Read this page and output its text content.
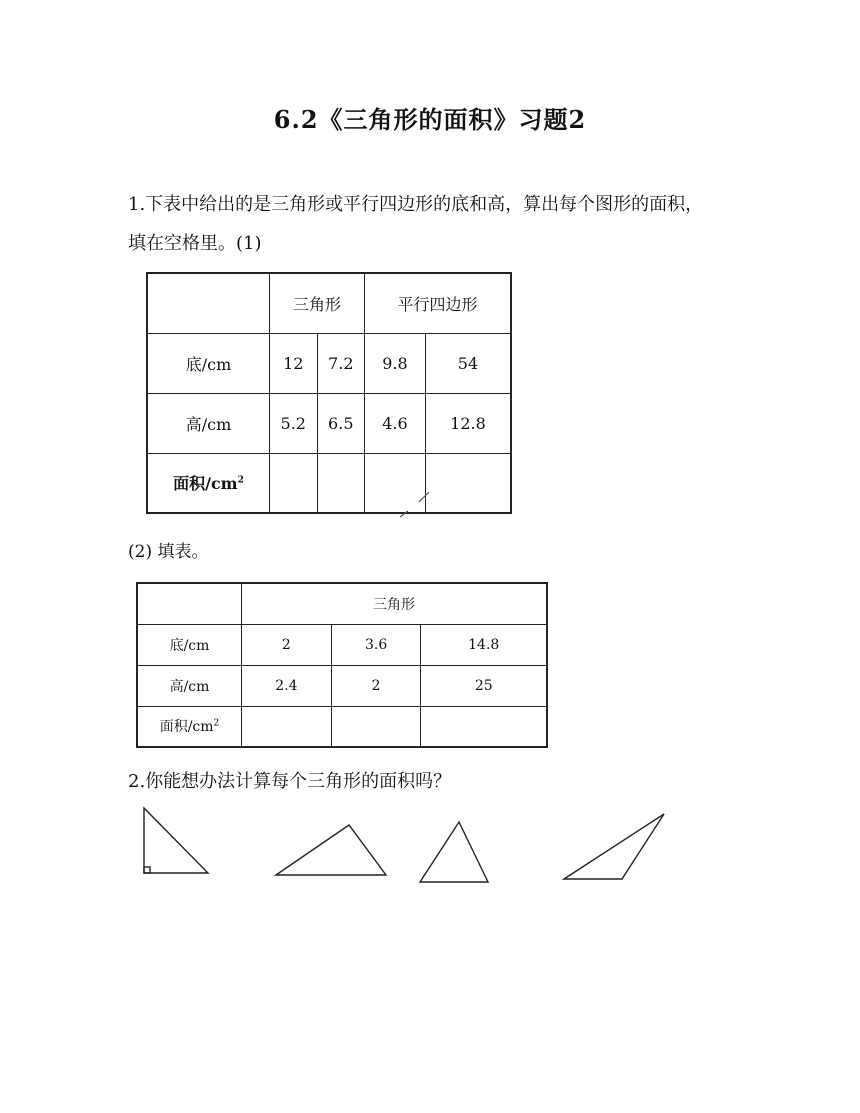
6.2《三角形的面积》习题2
1.下表中给出的是三角形或平行四边形的底和高，算出每个图形的面积，
填在空格里。(1)
	三角形		平行四边形	
底/cm	12	7.2	9.8	54
高/cm	5.2	6.5	4.6	12.8
面积$/cm^2$				
(2) 填表。
	三角形		
底/cm	2	3.6	14.8
高/cm	2.4	2	25
面积$/cm^2$			
2.你能想办法计算每个三角形的面积吗？
